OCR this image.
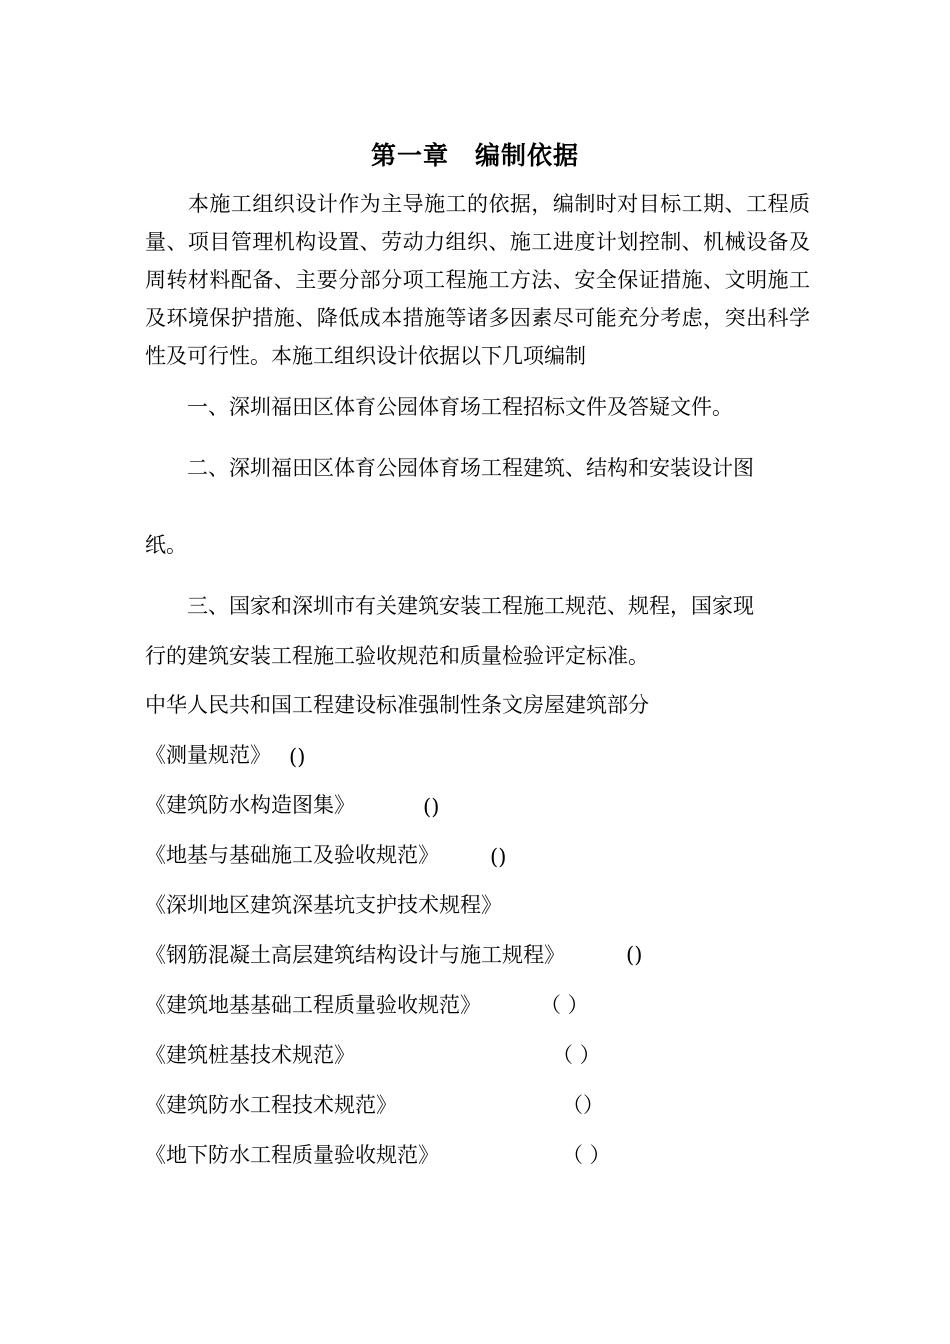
第一章　编制依据
　　本施工组织设计作为主导施工的依据，编制时对目标工期、工程质量、项目管理机构设置、劳动力组织、施工进度计划控制、机械设备及周转材料配备、主要分部分项工程施工方法、安全保证措施、文明施工及环境保护措施、降低成本措施等诸多因素尽可能充分考虑，突出科学性及可行性。本施工组织设计依据以下几项编制
　　一、深圳福田区体育公园体育场工程招标文件及答疑文件。
　　二、深圳福田区体育公园体育场工程建筑、结构和安装设计图
纸。
　　三、国家和深圳市有关建筑安装工程施工规范、规程，国家现
行的建筑安装工程施工验收规范和质量检验评定标准。
中华人民共和国工程建设标准强制性条文房屋建筑部分
《测量规范》 ()
《建筑防水构造图集》	()
《地基与基础施工及验收规范》 ()
《深圳地区建筑深基坑支护技术规程》
《钢筋混凝土高层建筑结构设计与施工规程》	()
《建筑地基基础工程质量验收规范》	（ ）
《建筑桩基技术规范》	（ ）
《建筑防水工程技术规范》	（）
《地下防水工程质量验收规范》	（ ）
